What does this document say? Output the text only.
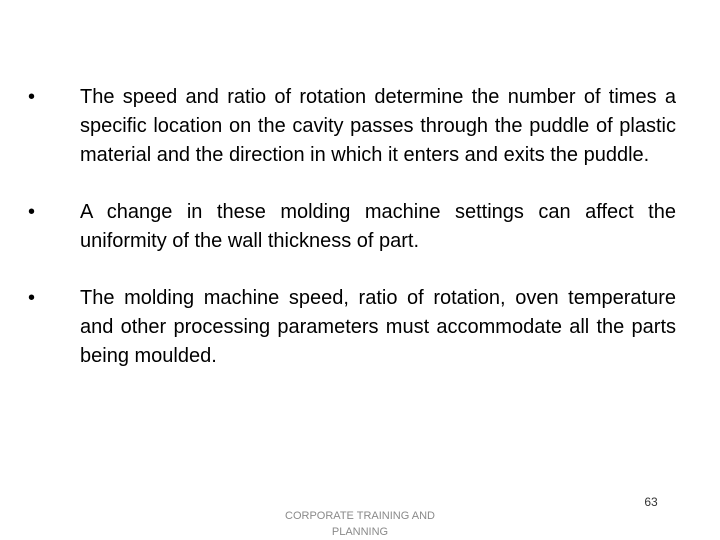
•	The speed and ratio of rotation determine the number of times a specific location on the cavity passes through the puddle of plastic material and the direction in which it enters and exits the puddle.
•	A change in these molding machine settings can affect the uniformity of the wall thickness of part.
•	The molding machine speed, ratio of rotation, oven temperature and other processing parameters must accommodate all the parts being moulded.
CORPORATE TRAINING AND PLANNING
63
